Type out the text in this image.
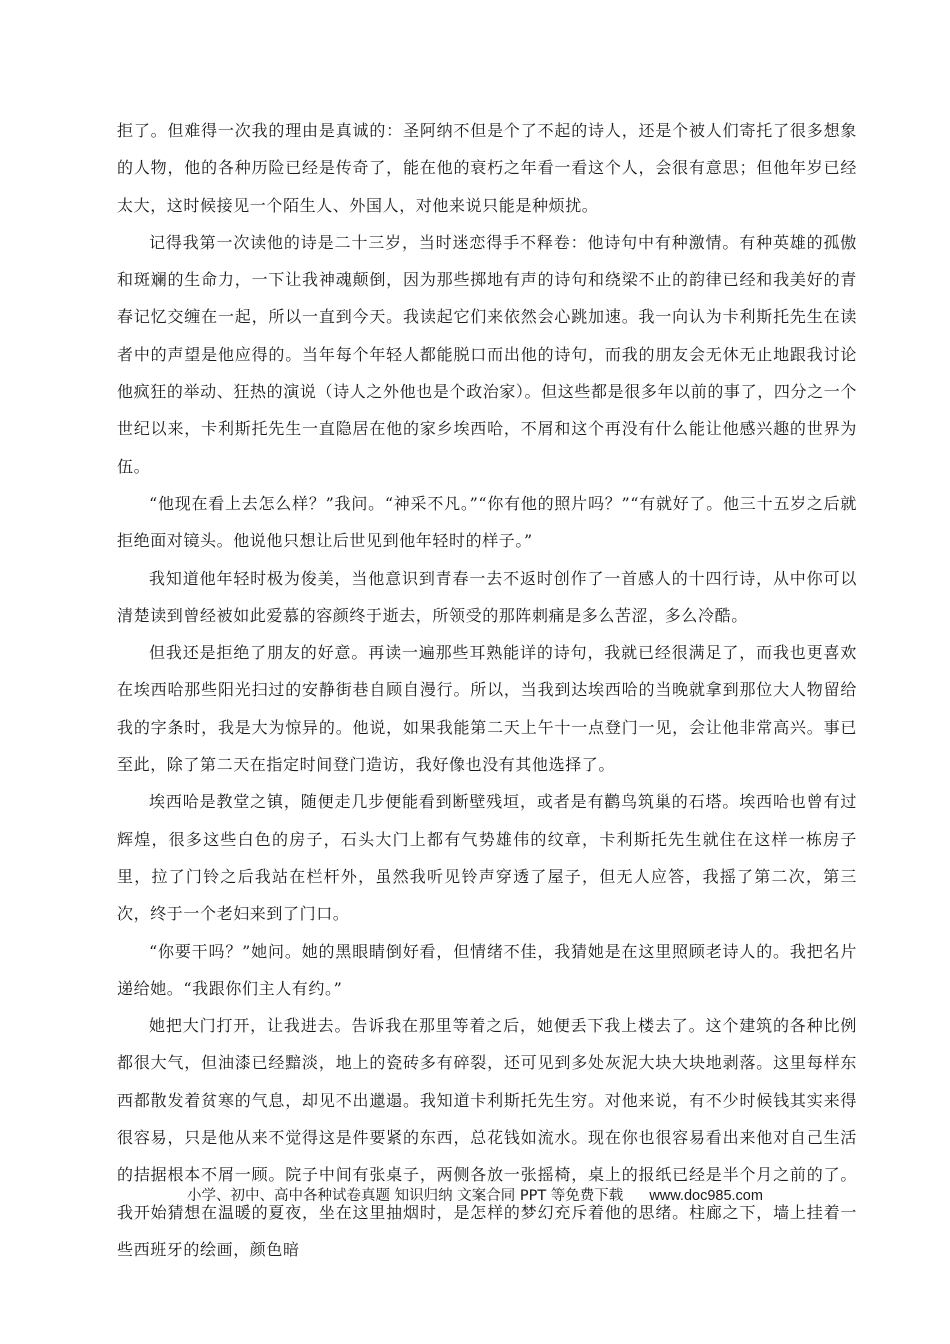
拒了。但难得一次我的理由是真诚的：圣阿纳不但是个了不起的诗人，还是个被人们寄托了很多想象的人物，他的各种历险已经是传奇了，能在他的衰朽之年看一看这个人，会很有意思；但他年岁已经太大，这时候接见一个陌生人、外国人，对他来说只能是种烦扰。

记得我第一次读他的诗是二十三岁，当时迷恋得手不释卷：他诗句中有种激情。有种英雄的孤傲和斑斓的生命力，一下让我神魂颠倒，因为那些掷地有声的诗句和绕梁不止的韵律已经和我美好的青春记忆交缠在一起，所以一直到今天。我读起它们来依然会心跳加速。我一向认为卡利斯托先生在读者中的声望是他应得的。当年每个年轻人都能脱口而出他的诗句，而我的朋友会无休无止地跟我讨论他疯狂的举动、狂热的演说（诗人之外他也是个政治家）。但这些都是很多年以前的事了，四分之一个世纪以来，卡利斯托先生一直隐居在他的家乡埃西哈，不屑和这个再没有什么能让他感兴趣的世界为伍。

“他现在看上去怎么样？”我问。“神采不凡。”“你有他的照片吗？”“有就好了。他三十五岁之后就拒绝面对镜头。他说他只想让后世见到他年轻时的样子。”

我知道他年轻时极为俊美，当他意识到青春一去不返时创作了一首感人的十四行诗，从中你可以清楚读到曾经被如此爱慕的容颜终于逝去，所领受的那阵刺痛是多么苦涩，多么冷酷。

但我还是拒绝了朋友的好意。再读一遍那些耳熟能详的诗句，我就已经很满足了，而我也更喜欢在埃西哈那些阳光扫过的安静街巷自顾自漫行。所以，当我到达埃西哈的当晚就拿到那位大人物留给我的字条时，我是大为惊异的。他说，如果我能第二天上午十一点登门一见，会让他非常高兴。事已至此，除了第二天在指定时间登门造访，我好像也没有其他选择了。

埃西哈是教堂之镇，随便走几步便能看到断壁残垣，或者是有鹳鸟筑巢的石塔。埃西哈也曾有过辉煌，很多这些白色的房子，石头大门上都有气势雄伟的纹章，卡利斯托先生就住在这样一栋房子里，拉了门铃之后我站在栏杆外，虽然我听见铃声穿透了屋子，但无人应答，我摇了第二次，第三次，终于一个老妇来到了门口。

“你要干吗？”她问。她的黑眼睛倒好看，但情绪不佳，我猜她是在这里照顾老诗人的。我把名片递给她。“我跟你们主人有约。”

她把大门打开，让我进去。告诉我在那里等着之后，她便丢下我上楼去了。这个建筑的各种比例都很大气，但油漆已经黯淡，地上的瓷砖多有碎裂，还可见到多处灰泥大块大块地剥落。这里每样东西都散发着贫寒的气息，却见不出邋遢。我知道卡利斯托先生穷。对他来说，有不少时候钱其实来得很容易，只是他从来不觉得这是件要紧的东西，总花钱如流水。现在你也很容易看出来他对自己生活的拮据根本不屑一顾。院子中间有张桌子，两侧各放一张摇椅，桌上的报纸已经是半个月之前的了。我开始猜想在温暖的夏夜，坐在这里抽烟时，是怎样的梦幻充斥着他的思绪。柱廊之下，墙上挂着一些西班牙的绘画，颜色暗

小学、初中、高中各种试卷真题 知识归纳 文案合同 PPT 等免费下载 www.doc985.com
